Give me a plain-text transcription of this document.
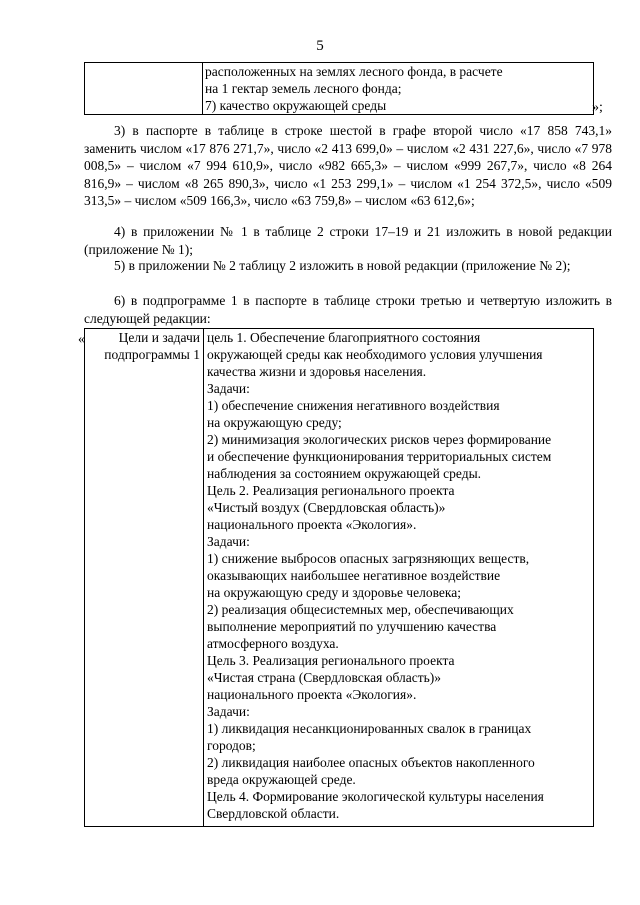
5

расположенных на землях лесного фонда, в расчете
на 1 гектар земель лесного фонда;
7) качество окружающей среды	»;

3) в паспорте в таблице в строке шестой в графе второй число «17 858 743,1» заменить числом «17 876 271,7», число «2 413 699,0» – числом «2 431 227,6», число «7 978 008,5» – числом «7 994 610,9», число «982 665,3» – числом «999 267,7», число «8 264 816,9» – числом «8 265 890,3», число «1 253 299,1» – числом «1 254 372,5», число «509 313,5» – числом «509 166,3», число «63 759,8» – числом «63 612,6»;

4) в приложении № 1 в таблице 2 строки 17–19 и 21 изложить в новой редакции (приложение № 1);

5) в приложении № 2 таблицу 2 изложить в новой редакции (приложение № 2);

6) в подпрограмме 1 в паспорте в таблице строки третью и четвертую изложить в следующей редакции:

«	Цели и задачи подпрограммы 1	
цель 1. Обеспечение благоприятного состояния
окружающей среды как необходимого условия улучшения
качества жизни и здоровья населения.
Задачи:
1) обеспечение снижения негативного воздействия
на окружающую среду;
2) минимизация экологических рисков через формирование
и обеспечение функционирования территориальных систем
наблюдения за состоянием окружающей среды.
Цель 2. Реализация регионального проекта
«Чистый воздух (Свердловская область)»
национального проекта «Экология».
Задачи:
1) снижение выбросов опасных загрязняющих веществ,
оказывающих наибольшее негативное воздействие
на окружающую среду и здоровье человека;
2) реализация общесистемных мер, обеспечивающих
выполнение мероприятий по улучшению качества
атмосферного воздуха.
Цель 3. Реализация регионального проекта
«Чистая страна (Свердловская область)»
национального проекта «Экология».
Задачи:
1) ликвидация несанкционированных свалок в границах
городов;
2) ликвидация наиболее опасных объектов накопленного
вреда окружающей среде.
Цель 4. Формирование экологической культуры населения
Свердловской области.
